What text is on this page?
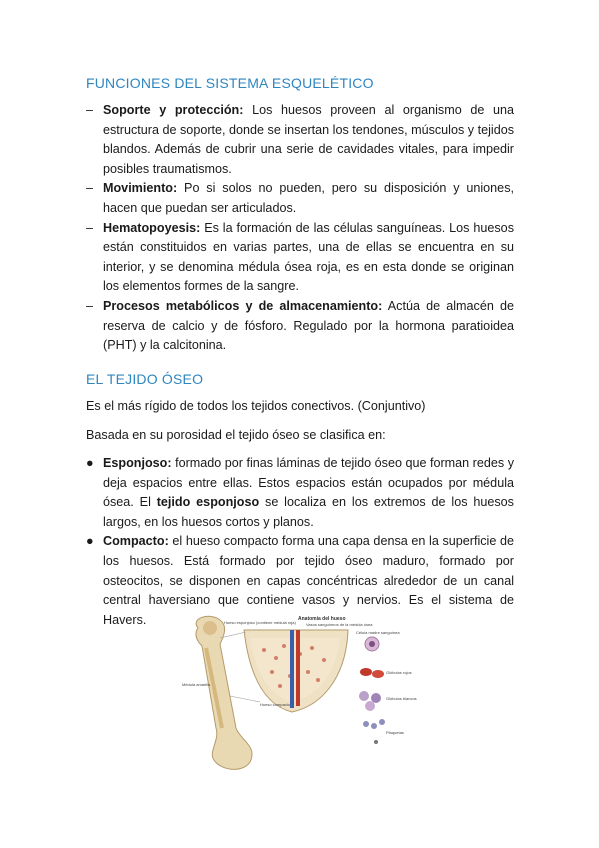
FUNCIONES DEL SISTEMA ESQUELÉTICO
– Soporte y protección: Los huesos proveen al organismo de una estructura de soporte, donde se insertan los tendones, músculos y tejidos blandos. Además de cubrir una serie de cavidades vitales, para impedir posibles traumatismos.
– Movimiento: Po si solos no pueden, pero su disposición y uniones, hacen que puedan ser articulados.
– Hematopoyesis: Es la formación de las células sanguíneas. Los huesos están constituidos en varias partes, una de ellas se encuentra en su interior, y se denomina médula ósea roja, es en esta donde se originan los elementos formes de la sangre.
– Procesos metabólicos y de almacenamiento: Actúa de almacén de reserva de calcio y de fósforo. Regulado por la hormona paratioidea (PHT) y la calcitonina.
EL TEJIDO ÓSEO

Es el más rígido de todos los tejidos conectivos. (Conjuntivo)

Basada en su porosidad el tejido óseo se clasifica en:

● Esponjoso: formado por finas láminas de tejido óseo que forman redes y deja espacios entre ellas. Estos espacios están ocupados por médula ósea. El tejido esponjoso se localiza en los extremos de los huesos largos, en los huesos cortos y planos.
● Compacto: el hueso compacto forma una capa densa en la superficie de los huesos. Está formado por tejido óseo maduro, formado por osteocitos, se disponen en capas concéntricas alrededor de un canal central haversiano que contiene vasos y nervios. Es el sistema de Havers.	Anatomía del hueso
Hueso esponjoso (contiene médula roja)	Vasos sanguíneos de la médula ósea
Célula madre sanguínea
Médula amarilla
Hueso compacto
Glóbulos rojos
Glóbulos blancos
Plaquetas
